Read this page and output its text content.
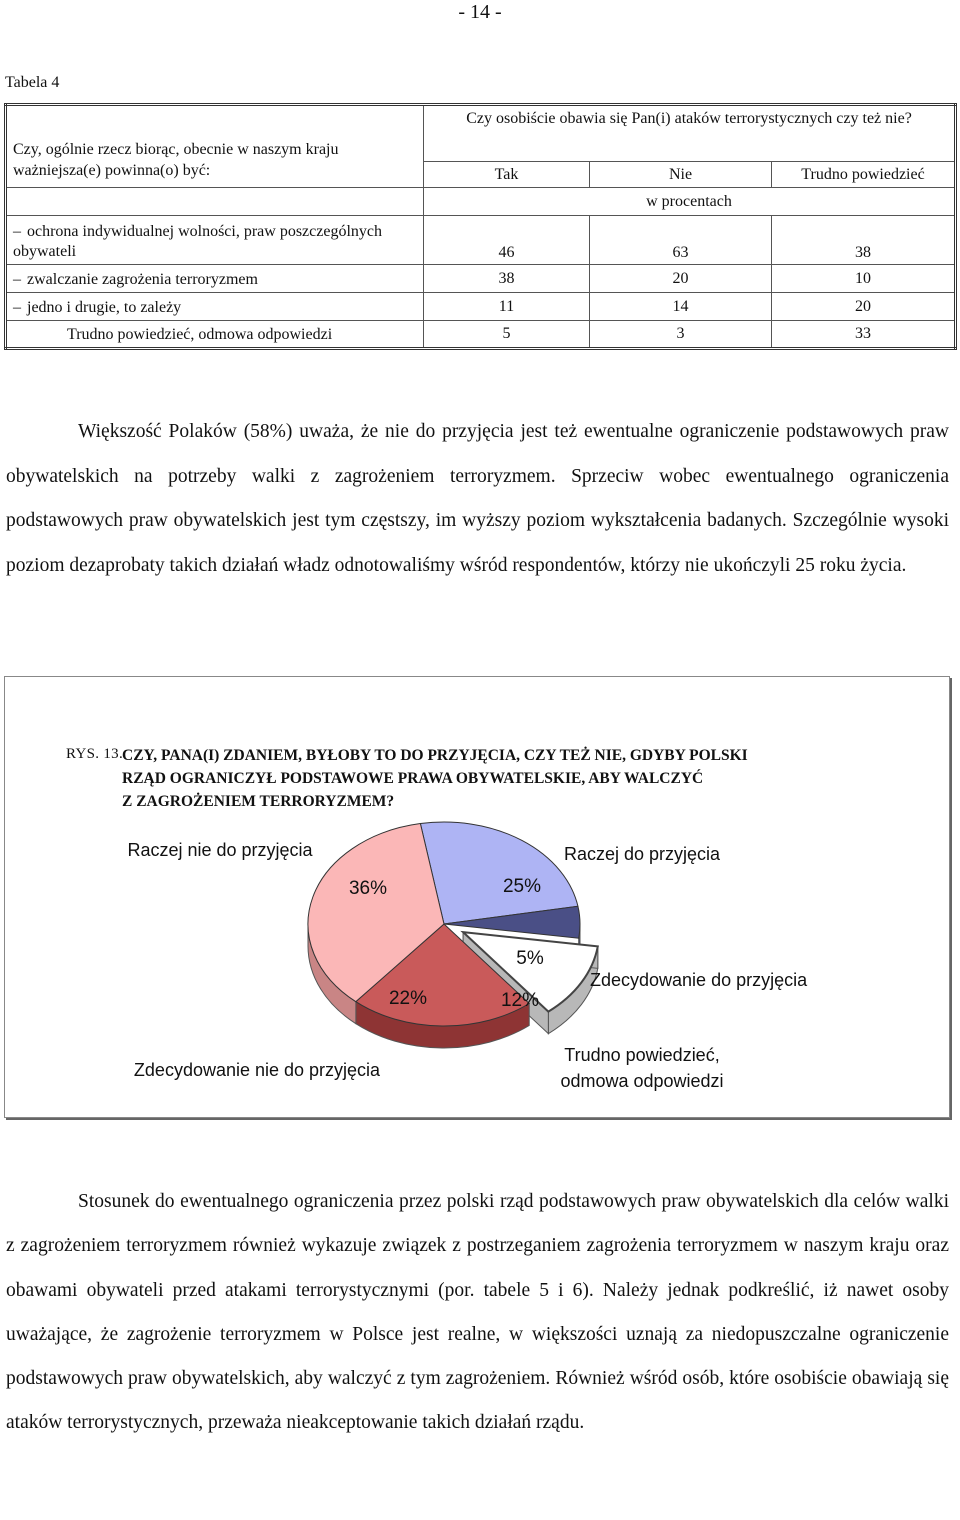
- 14 -
Tabela 4
Czy, ogólnie rzecz biorąc, obecnie w naszym kraju ważniejsza(e) powinna(o) być:	Czy osobiście obawia się Pan(i) ataków terrorystycznych czy też nie?		
	Tak	Nie	Trudno powiedzieć
	w procentach		
– ochrona indywidualnej wolności, praw poszczególnych obywateli	46	63	38
– zwalczanie zagrożenia terroryzmem	38	20	10
– jedno i drugie, to zależy	11	14	20
Trudno powiedzieć, odmowa odpowiedzi	5	3	33
Większość Polaków (58%) uważa, że nie do przyjęcia jest też ewentualne ograniczenie podstawowych praw obywatelskich na potrzeby walki z zagrożeniem terroryzmem. Sprzeciw wobec ewentualnego ograniczenia podstawowych praw obywatelskich jest tym częstszy, im wyższy poziom wykształcenia badanych. Szczególnie wysoki poziom dezaprobaty takich działań władz odnotowaliśmy wśród respondentów, którzy nie ukończyli 25 roku życia.
25%
Raczej do przyjęcia
5%
Zdecydowanie do przyjęcia
12%
Trudno powiedzieć,
odmowa odpowiedzi
22%
Zdecydowanie nie do przyjęcia
36%
Raczej nie do przyjęcia
RYS. 13.
CZY, PANA(I) ZDANIEM, BYŁOBY TO DO PRZYJĘCIA, CZY TEŻ NIE, GDYBY POLSKI
RZĄD OGRANICZYŁ PODSTAWOWE PRAWA OBYWATELSKIE, ABY WALCZYĆ
Z ZAGROŻENIEM TERRORYZMEM?
Stosunek do ewentualnego ograniczenia przez polski rząd podstawowych praw obywatelskich dla celów walki z zagrożeniem terroryzmem również wykazuje związek z postrzeganiem zagrożenia terroryzmem w naszym kraju oraz obawami obywateli przed atakami terrorystycznymi (por. tabele 5 i 6). Należy jednak podkreślić, iż nawet osoby uważające, że zagrożenie terroryzmem w Polsce jest realne, w większości uznają za niedopuszczalne ograniczenie podstawowych praw obywatelskich, aby walczyć z tym zagrożeniem. Również wśród osób, które osobiście obawiają się ataków terrorystycznych, przeważa nieakceptowanie takich działań rządu.
